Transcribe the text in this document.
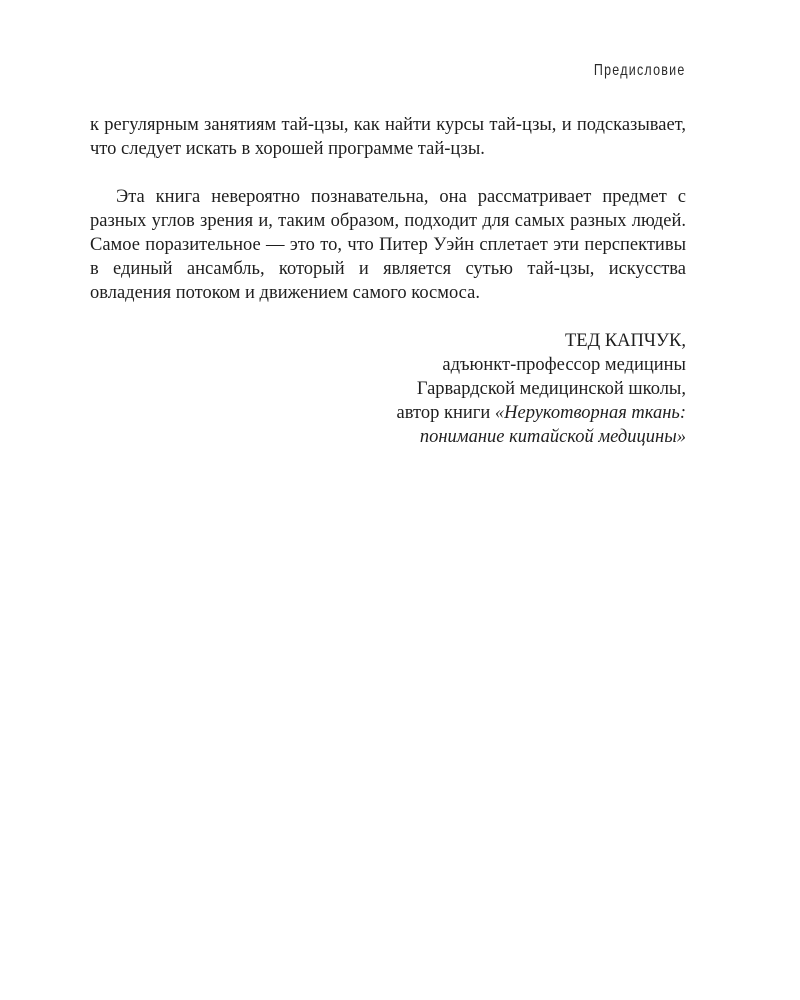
Предисловие

к регулярным занятиям тай-цзы, как найти курсы тай-цзы, и подсказывает, что следует искать в хорошей программе тай-цзы.

Эта книга невероятно познавательна, она рассматривает предмет с разных углов зрения и, таким образом, подходит для самых разных людей. Самое поразительное — это то, что Питер Уэйн сплетает эти перспективы в единый ансамбль, который и является сутью тай-цзы, искусства овладения потоком и движением самого космоса.

ТЕД КАПЧУК,
адъюнкт-профессор медицины
Гарвардской медицинской школы,
автор книги «Нерукотворная ткань:
понимание китайской медицины»
